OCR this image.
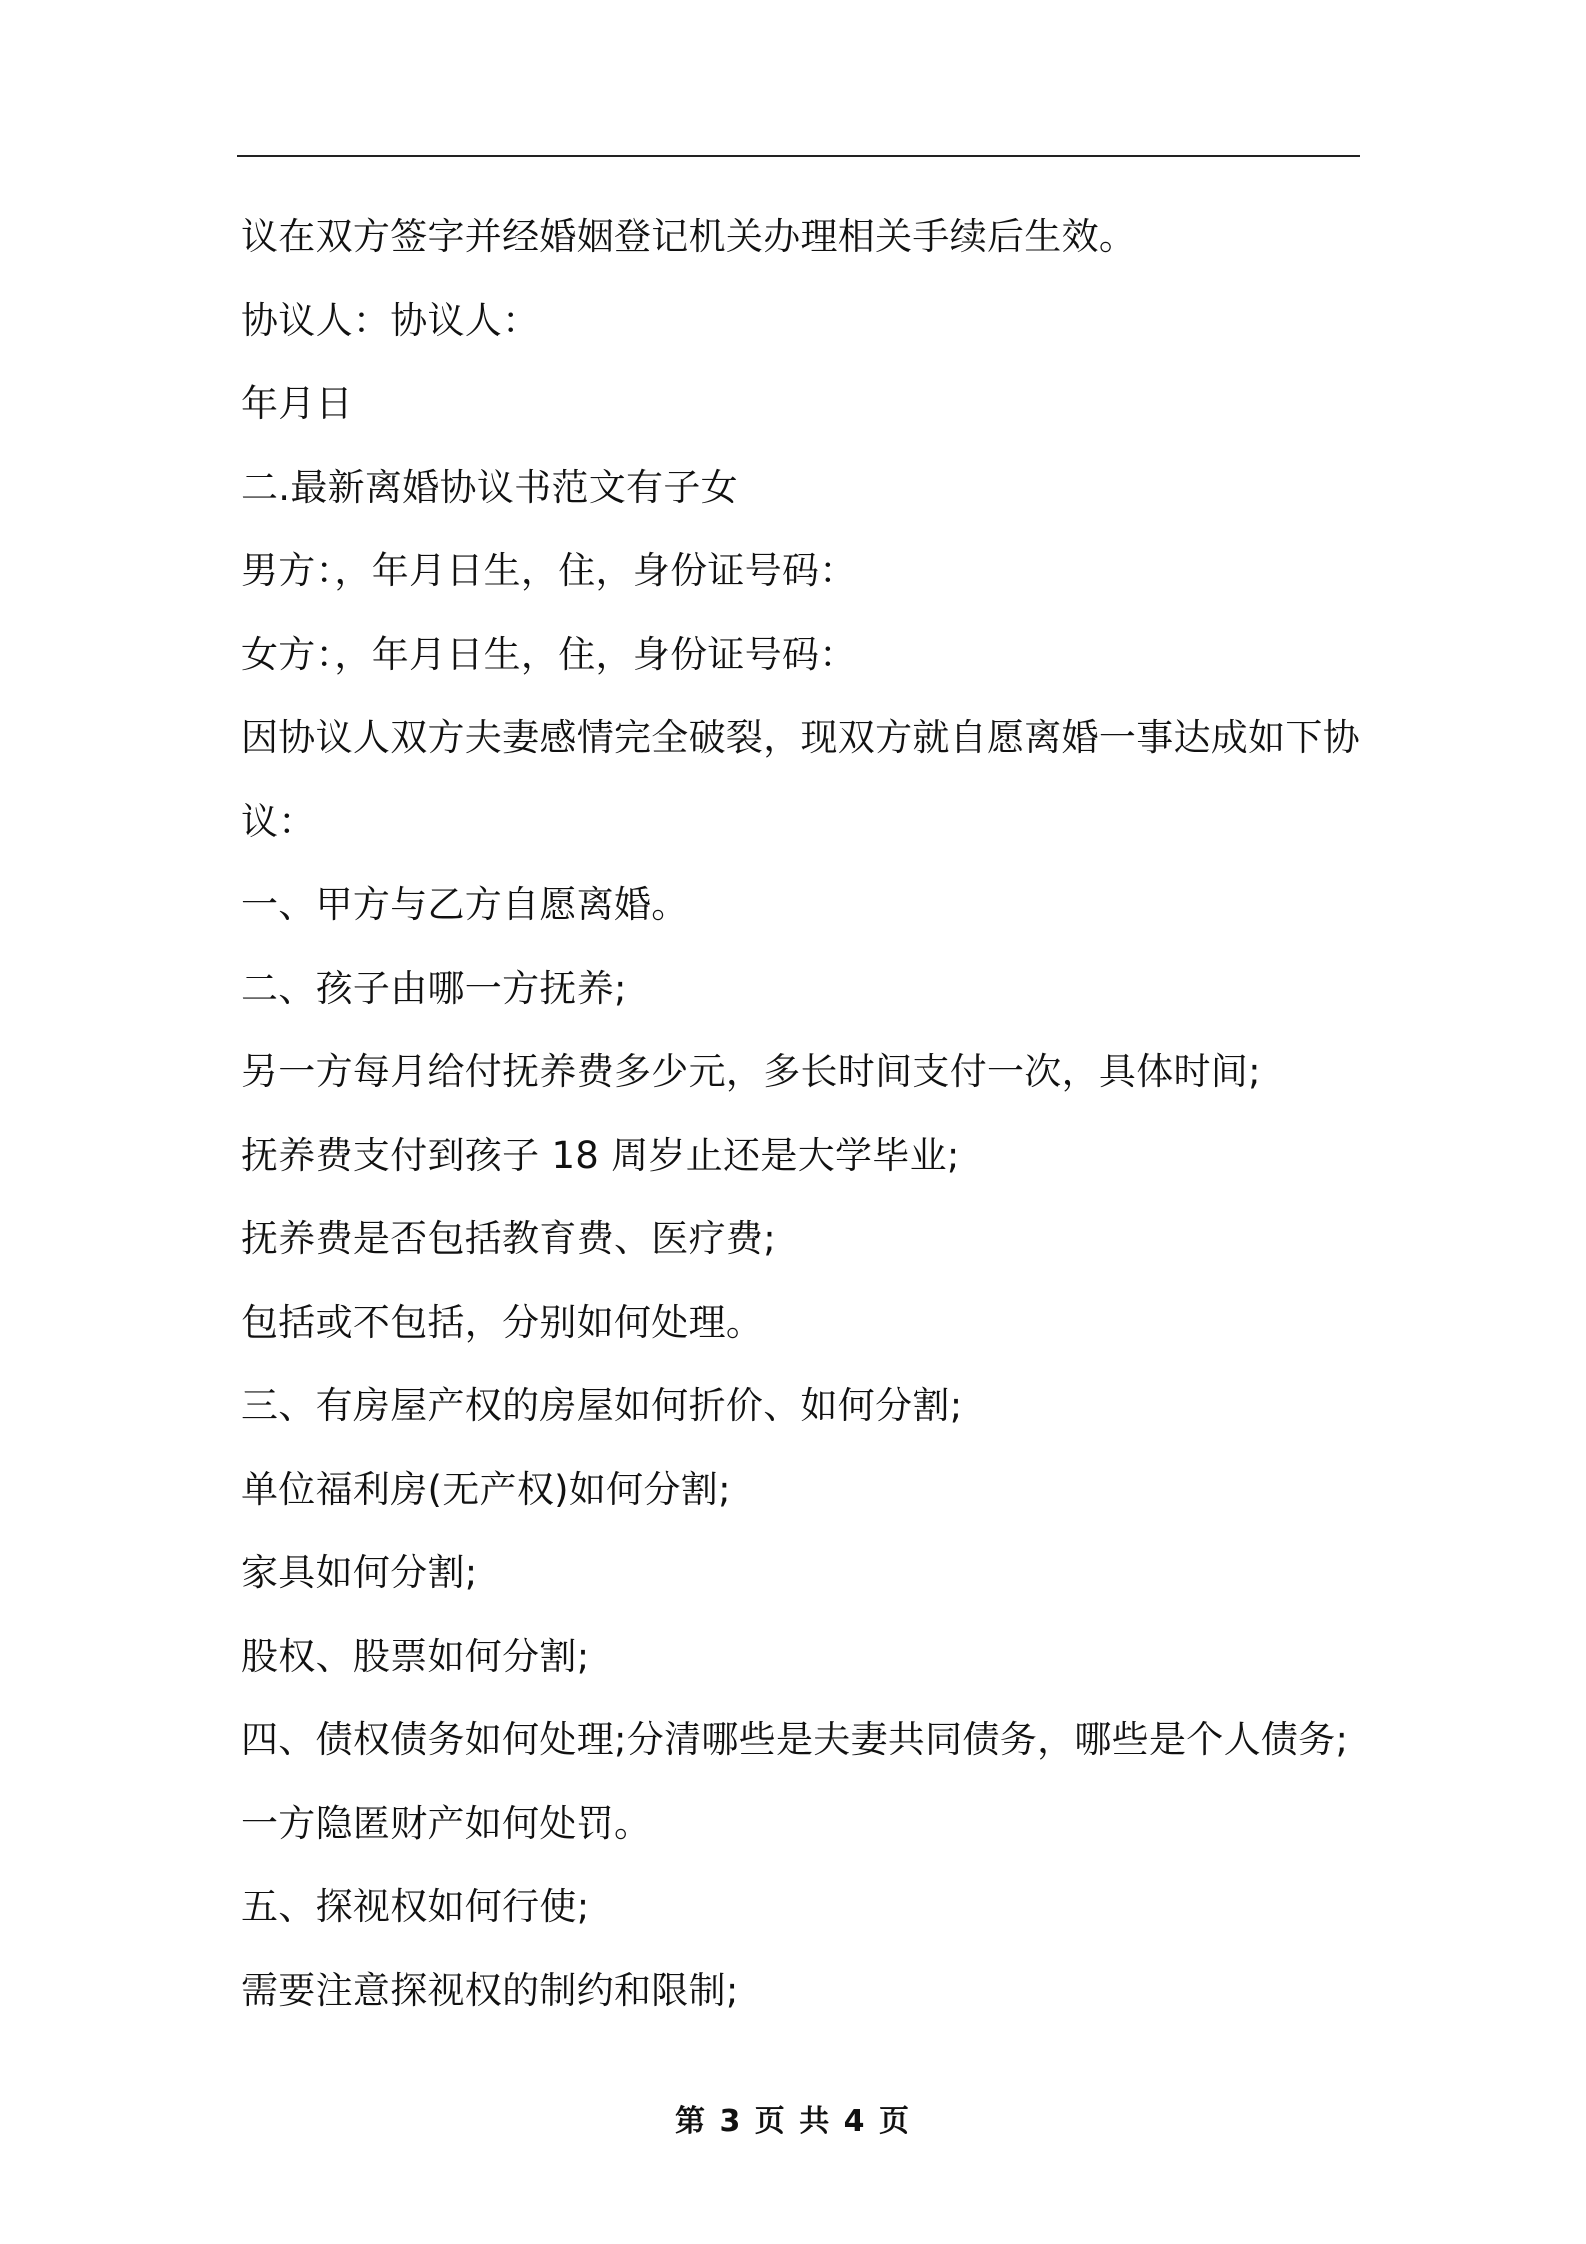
议在双方签字并经婚姻登记机关办理相关手续后生效。
协议人：协议人：
年月日
二.最新离婚协议书范文有子女
男方：，年月日生，住，身份证号码：
女方：，年月日生，住，身份证号码：
因协议人双方夫妻感情完全破裂，现双方就自愿离婚一事达成如下协
议：
一、甲方与乙方自愿离婚。
二、孩子由哪一方抚养;
另一方每月给付抚养费多少元，多长时间支付一次，具体时间;
抚养费支付到孩子 18 周岁止还是大学毕业;
抚养费是否包括教育费、医疗费;
包括或不包括，分别如何处理。
三、有房屋产权的房屋如何折价、如何分割;
单位福利房(无产权)如何分割;
家具如何分割;
股权、股票如何分割;
四、债权债务如何处理;分清哪些是夫妻共同债务，哪些是个人债务;
一方隐匿财产如何处罚。
五、探视权如何行使;
需要注意探视权的制约和限制;
第 3 页 共 4 页
